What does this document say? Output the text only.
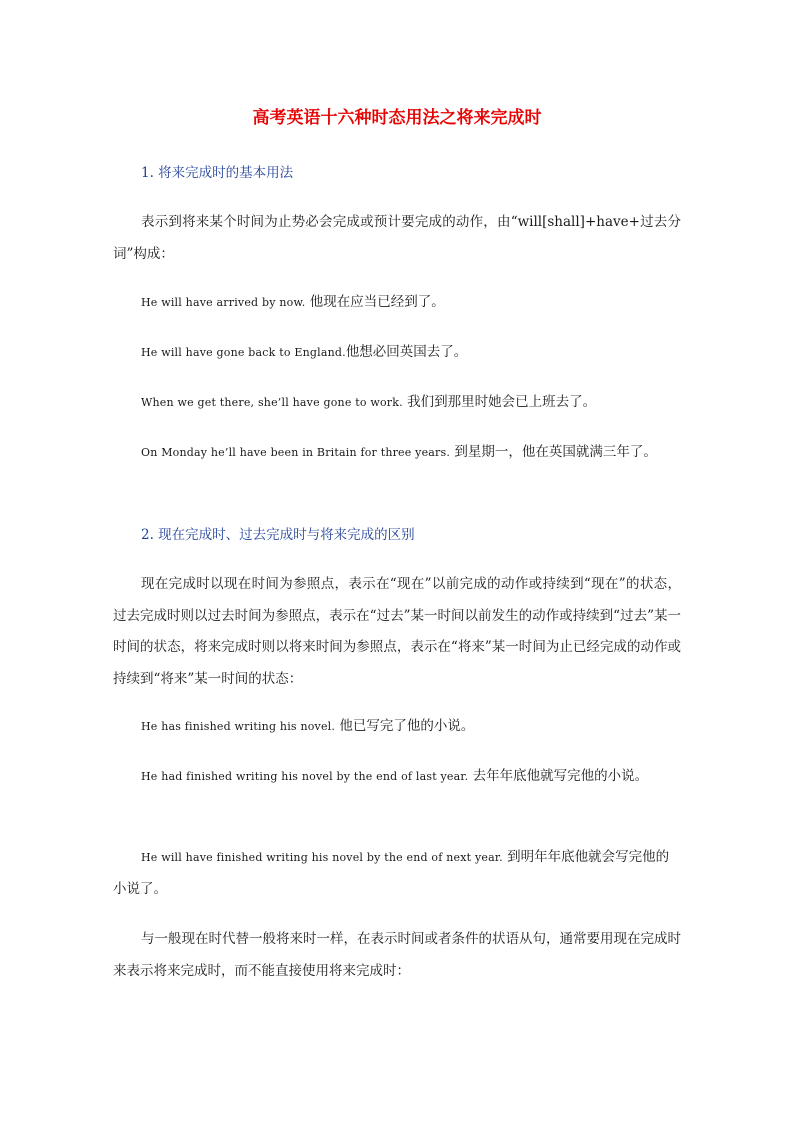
高考英语十六种时态用法之将来完成时
1. 将来完成时的基本用法
表示到将来某个时间为止势必会完成或预计要完成的动作，由“will[shall]+have+过去分词”构成：
He will have arrived by now. 他现在应当已经到了。
He will have gone back to England.他想必回英国去了。
When we get there, she’ll have gone to work. 我们到那里时她会已上班去了。
On Monday he’ll have been in Britain for three years. 到星期一，他在英国就满三年了。
2. 现在完成时、过去完成时与将来完成的区别
现在完成时以现在时间为参照点，表示在“现在”以前完成的动作或持续到“现在”的状态，过去完成时则以过去时间为参照点，表示在“过去”某一时间以前发生的动作或持续到“过去”某一时间的状态，将来完成时则以将来时间为参照点，表示在“将来”某一时间为止已经完成的动作或持续到“将来”某一时间的状态：
He has finished writing his novel. 他已写完了他的小说。
He had finished writing his novel by the end of last year. 去年年底他就写完他的小说。
He will have finished writing his novel by the end of next year. 到明年年底他就会写完他的小说了。
与一般现在时代替一般将来时一样，在表示时间或者条件的状语从句，通常要用现在完成时来表示将来完成时，而不能直接使用将来完成时：
